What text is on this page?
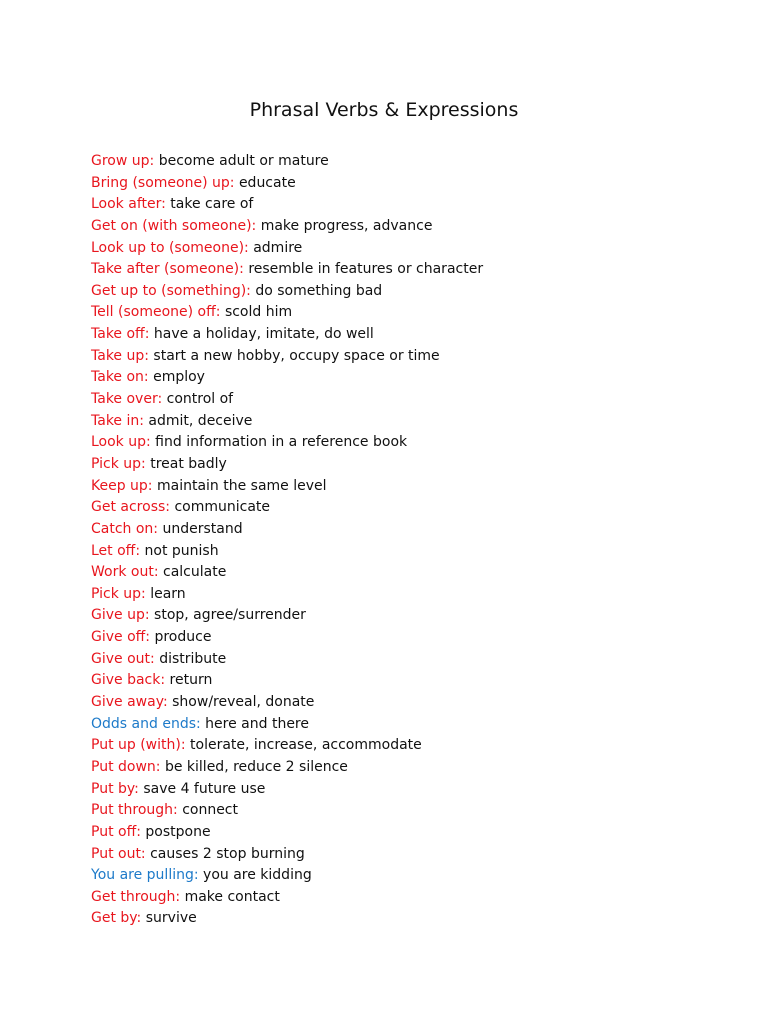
Phrasal Verbs & Expressions
Grow up: become adult or mature
Bring (someone) up: educate
Look after: take care of
Get on (with someone): make progress, advance
Look up to (someone): admire
Take after (someone): resemble in features or character
Get up to (something): do something bad
Tell (someone) off: scold him
Take off: have a holiday, imitate, do well
Take up: start a new hobby, occupy space or time
Take on: employ
Take over: control of
Take in: admit, deceive
Look up: find information in a reference book
Pick up: treat badly
Keep up: maintain the same level
Get across: communicate
Catch on: understand
Let off: not punish
Work out: calculate
Pick up: learn
Give up: stop, agree/surrender
Give off: produce
Give out: distribute
Give back: return
Give away: show/reveal, donate
Odds and ends: here and there
Put up (with): tolerate, increase, accommodate
Put down: be killed, reduce 2 silence
Put by: save 4 future use
Put through: connect
Put off: postpone
Put out: causes 2 stop burning
You are pulling: you are kidding
Get through: make contact
Get by: survive
